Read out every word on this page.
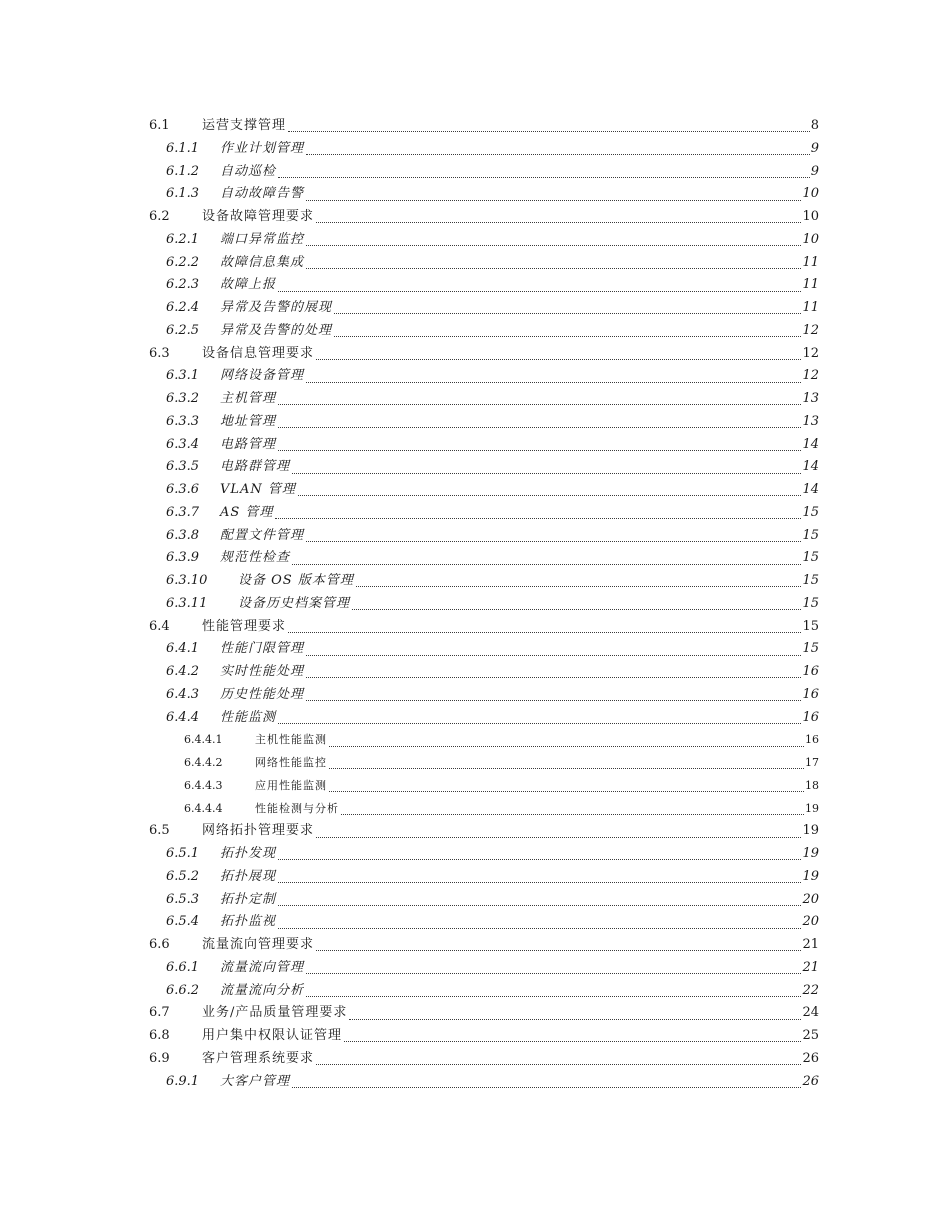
6.1 运营支撑管理	8
6.1.1 作业计划管理	9
6.1.2 自动巡检	9
6.1.3 自动故障告警	10
6.2 设备故障管理要求	10
6.2.1 端口异常监控	10
6.2.2 故障信息集成	11
6.2.3 故障上报	11
6.2.4 异常及告警的展现	11
6.2.5 异常及告警的处理	12
6.3 设备信息管理要求	12
6.3.1 网络设备管理	12
6.3.2 主机管理	13
6.3.3 地址管理	13
6.3.4 电路管理	14
6.3.5 电路群管理	14
6.3.6 VLAN 管理	14
6.3.7 AS 管理	15
6.3.8 配置文件管理	15
6.3.9 规范性检查	15
6.3.10 设备 OS 版本管理	15
6.3.11 设备历史档案管理	15
6.4 性能管理要求	15
6.4.1 性能门限管理	15
6.4.2 实时性能处理	16
6.4.3 历史性能处理	16
6.4.4 性能监测	16
6.4.4.1	主机性能监测	16
6.4.4.2	网络性能监控	17
6.4.4.3	应用性能监测	18
6.4.4.4	性能检测与分析	19
6.5 网络拓扑管理要求	19
6.5.1 拓扑发现	19
6.5.2 拓扑展现	19
6.5.3 拓扑定制	20
6.5.4 拓扑监视	20
6.6 流量流向管理要求	21
6.6.1 流量流向管理	21
6.6.2 流量流向分析	22
6.7 业务/产品质量管理要求	24
6.8 用户集中权限认证管理	25
6.9 客户管理系统要求	26
6.9.1 大客户管理	26
